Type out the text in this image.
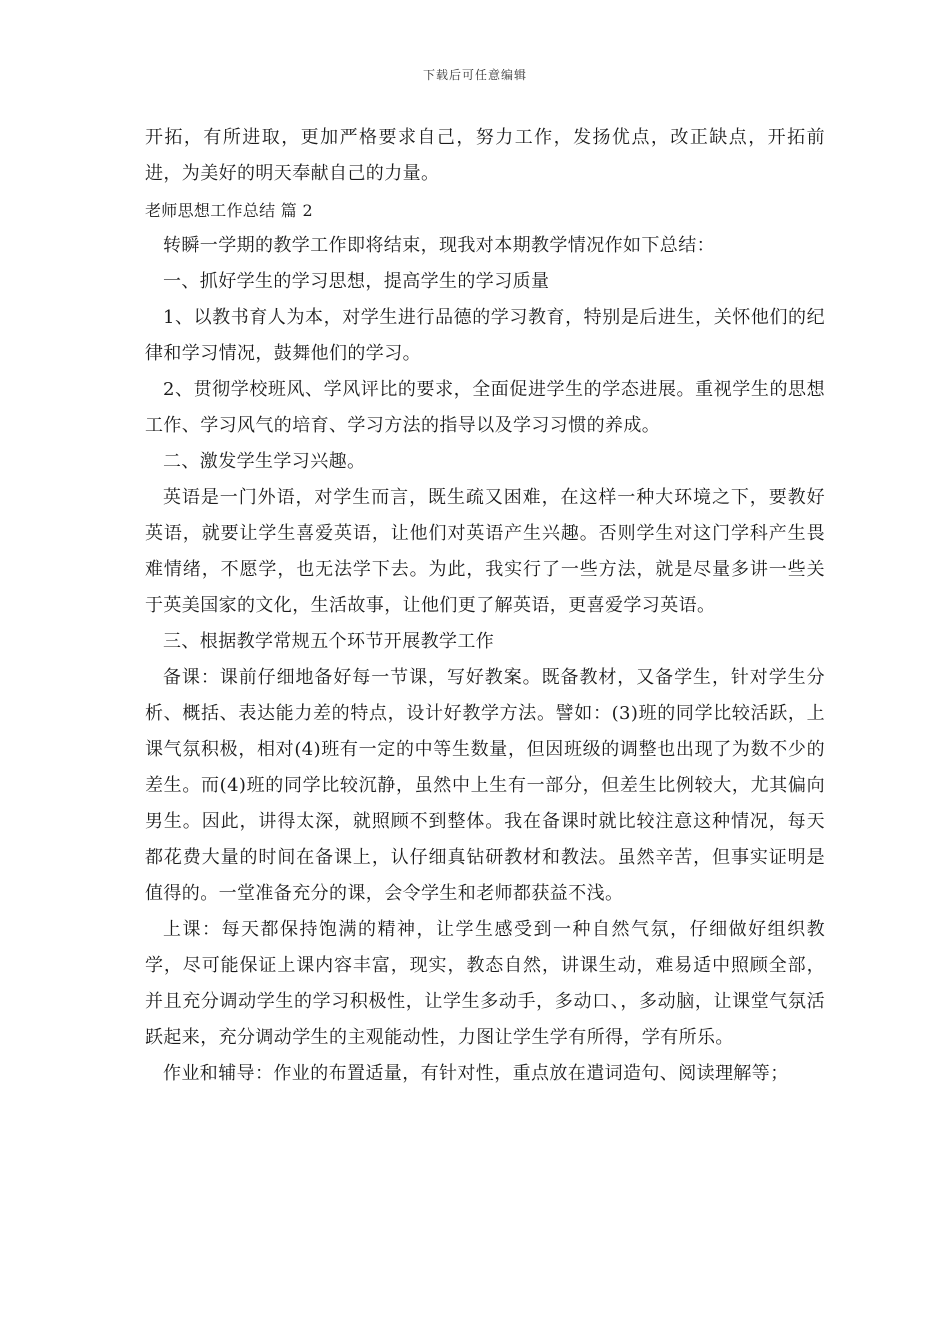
下载后可任意编辑

开拓，有所进取，更加严格要求自己，努力工作，发扬优点，改正缺点，开拓前进，为美好的明天奉献自己的力量。

老师思想工作总结 篇 2

转瞬一学期的教学工作即将结束，现我对本期教学情况作如下总结：

一、抓好学生的学习思想，提高学生的学习质量

1、以教书育人为本，对学生进行品德的学习教育，特别是后进生，关怀他们的纪律和学习情况，鼓舞他们的学习。

2、贯彻学校班风、学风评比的要求，全面促进学生的学态进展。重视学生的思想工作、学习风气的培育、学习方法的指导以及学习习惯的养成。

二、激发学生学习兴趣。

英语是一门外语，对学生而言，既生疏又困难，在这样一种大环境之下，要教好英语，就要让学生喜爱英语，让他们对英语产生兴趣。否则学生对这门学科产生畏难情绪，不愿学，也无法学下去。为此，我实行了一些方法，就是尽量多讲一些关于英美国家的文化，生活故事，让他们更了解英语，更喜爱学习英语。

三、根据教学常规五个环节开展教学工作

备课：课前仔细地备好每一节课，写好教案。既备教材，又备学生，针对学生分析、概括、表达能力差的特点，设计好教学方法。譬如：(3)班的同学比较活跃，上课气氛积极，相对(4)班有一定的中等生数量，但因班级的调整也出现了为数不少的差生。而(4)班的同学比较沉静，虽然中上生有一部分，但差生比例较大，尤其偏向男生。因此，讲得太深，就照顾不到整体。我在备课时就比较注意这种情况，每天都花费大量的时间在备课上，认仔细真钻研教材和教法。虽然辛苦，但事实证明是值得的。一堂准备充分的课，会令学生和老师都获益不浅。

上课：每天都保持饱满的精神，让学生感受到一种自然气氛，仔细做好组织教学，尽可能保证上课内容丰富，现实，教态自然，讲课生动，难易适中照顾全部，并且充分调动学生的学习积极性，让学生多动手，多动口、，多动脑，让课堂气氛活跃起来，充分调动学生的主观能动性，力图让学生学有所得，学有所乐。

作业和辅导：作业的布置适量，有针对性，重点放在遣词造句、阅读理解等；
